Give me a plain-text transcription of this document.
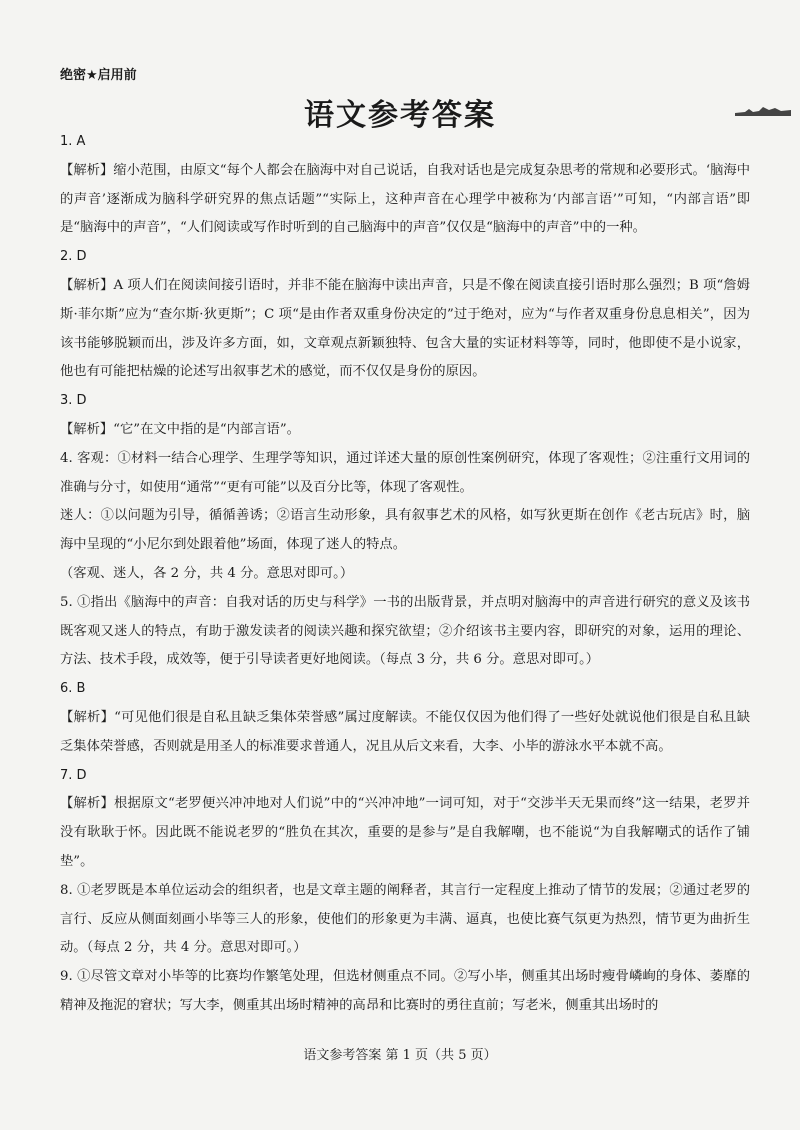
绝密★启用前
语文参考答案

1. A

【解析】缩小范围，由原文“每个人都会在脑海中对自己说话，自我对话也是完成复杂思考的常规和必要形式。‘脑海中的声音’逐渐成为脑科学研究界的焦点话题”“实际上，这种声音在心理学中被称为‘内部言语’”可知，“内部言语”即是“脑海中的声音”，“人们阅读或写作时听到的自己脑海中的声音”仅仅是“脑海中的声音”中的一种。

2. D

【解析】A 项人们在阅读间接引语时，并非不能在脑海中读出声音，只是不像在阅读直接引语时那么强烈；B 项“詹姆斯·菲尔斯”应为“查尔斯·狄更斯”；C 项“是由作者双重身份决定的”过于绝对，应为“与作者双重身份息息相关”，因为该书能够脱颖而出，涉及许多方面，如，文章观点新颖独特、包含大量的实证材料等等，同时，他即使不是小说家，他也有可能把枯燥的论述写出叙事艺术的感觉，而不仅仅是身份的原因。

3. D

【解析】“它”在文中指的是“内部言语”。

4. 客观：①材料一结合心理学、生理学等知识，通过详述大量的原创性案例研究，体现了客观性；②注重行文用词的准确与分寸，如使用“通常”“更有可能”以及百分比等，体现了客观性。

迷人：①以问题为引导，循循善诱；②语言生动形象，具有叙事艺术的风格，如写狄更斯在创作《老古玩店》时，脑海中呈现的“小尼尔到处跟着他”场面，体现了迷人的特点。

（客观、迷人，各 2 分，共 4 分。意思对即可。）

5. ①指出《脑海中的声音：自我对话的历史与科学》一书的出版背景，并点明对脑海中的声音进行研究的意义及该书既客观又迷人的特点，有助于激发读者的阅读兴趣和探究欲望；②介绍该书主要内容，即研究的对象，运用的理论、方法、技术手段，成效等，便于引导读者更好地阅读。（每点 3 分，共 6 分。意思对即可。）

6. B

【解析】“可见他们很是自私且缺乏集体荣誉感”属过度解读。不能仅仅因为他们得了一些好处就说他们很是自私且缺乏集体荣誉感，否则就是用圣人的标准要求普通人，况且从后文来看，大李、小毕的游泳水平本就不高。

7. D

【解析】根据原文“老罗便兴冲冲地对人们说”中的“兴冲冲地”一词可知，对于“交涉半天无果而终”这一结果，老罗并没有耿耿于怀。因此既不能说老罗的“胜负在其次，重要的是参与”是自我解嘲，也不能说“为自我解嘲式的话作了铺垫”。

8. ①老罗既是本单位运动会的组织者，也是文章主题的阐释者，其言行一定程度上推动了情节的发展；②通过老罗的言行、反应从侧面刻画小毕等三人的形象，使他们的形象更为丰满、逼真，也使比赛气氛更为热烈，情节更为曲折生动。（每点 2 分，共 4 分。意思对即可。）

9. ①尽管文章对小毕等的比赛均作繁笔处理，但选材侧重点不同。②写小毕，侧重其出场时瘦骨嶙峋的身体、萎靡的精神及拖泥的窘状；写大李，侧重其出场时精神的高昂和比赛时的勇往直前；写老米，侧重其出场时的

语文参考答案 第 1 页（共 5 页）
